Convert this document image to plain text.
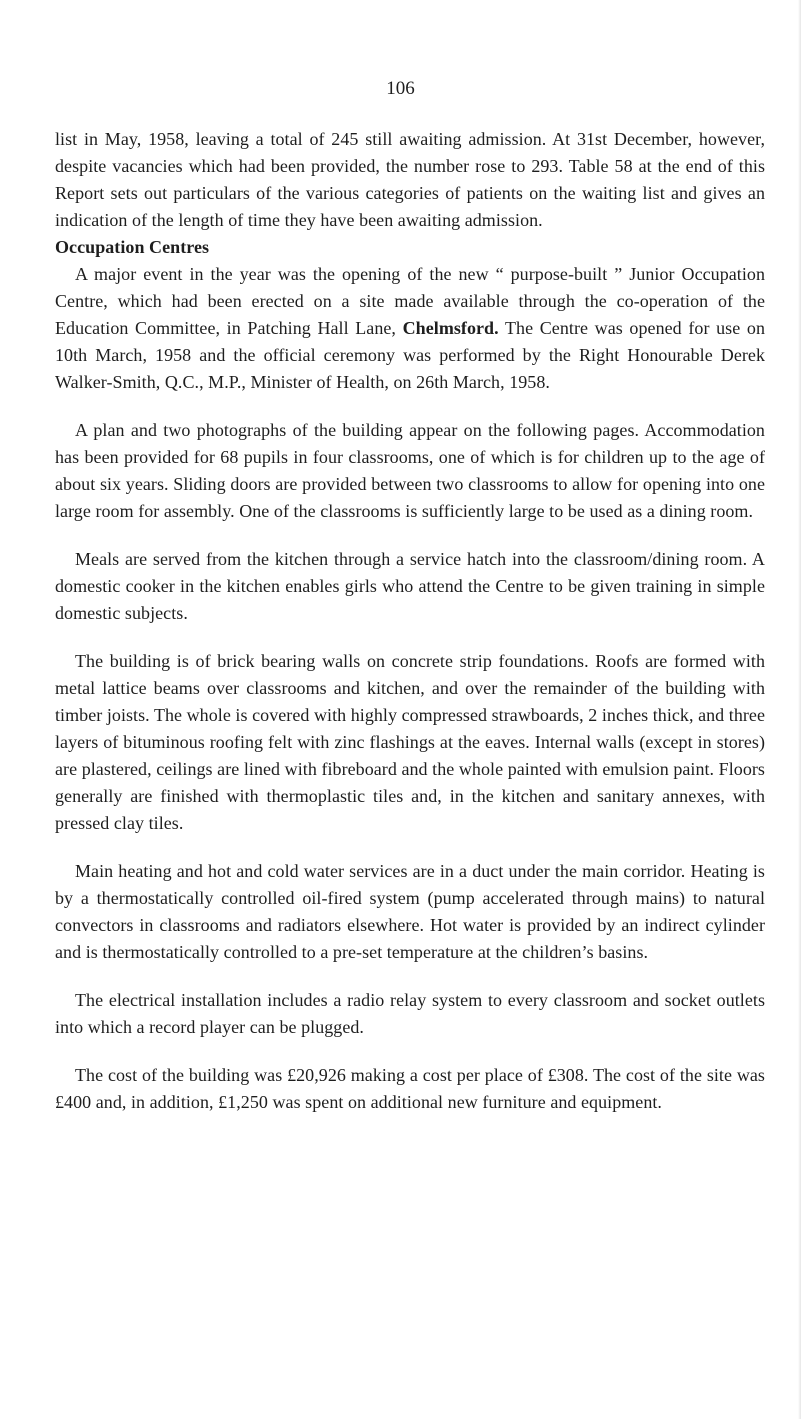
106

list in May, 1958, leaving a total of 245 still awaiting admission. At 31st December, however, despite vacancies which had been provided, the number rose to 293. Table 58 at the end of this Report sets out particulars of the various categories of patients on the waiting list and gives an indication of the length of time they have been awaiting admission.

Occupation Centres

A major event in the year was the opening of the new “ purpose-built ” Junior Occupation Centre, which had been erected on a site made available through the co-operation of the Education Committee, in Patching Hall Lane, Chelmsford. The Centre was opened for use on 10th March, 1958 and the official ceremony was performed by the Right Honourable Derek Walker-Smith, Q.C., M.P., Minister of Health, on 26th March, 1958.

A plan and two photographs of the building appear on the following pages. Accommodation has been provided for 68 pupils in four classrooms, one of which is for children up to the age of about six years. Sliding doors are provided between two classrooms to allow for opening into one large room for assembly. One of the classrooms is sufficiently large to be used as a dining room.

Meals are served from the kitchen through a service hatch into the classroom/dining room. A domestic cooker in the kitchen enables girls who attend the Centre to be given training in simple domestic subjects.

The building is of brick bearing walls on concrete strip foundations. Roofs are formed with metal lattice beams over classrooms and kitchen, and over the remainder of the building with timber joists. The whole is covered with highly compressed strawboards, 2 inches thick, and three layers of bituminous roofing felt with zinc flashings at the eaves. Internal walls (except in stores) are plastered, ceilings are lined with fibreboard and the whole painted with emulsion paint. Floors generally are finished with thermoplastic tiles and, in the kitchen and sanitary annexes, with pressed clay tiles.

Main heating and hot and cold water services are in a duct under the main corridor. Heating is by a thermostatically controlled oil-fired system (pump accelerated through mains) to natural convectors in classrooms and radiators elsewhere. Hot water is provided by an indirect cylinder and is thermostatically controlled to a pre-set temperature at the children’s basins.

The electrical installation includes a radio relay system to every classroom and socket outlets into which a record player can be plugged.

The cost of the building was £20,926 making a cost per place of £308. The cost of the site was £400 and, in addition, £1,250 was spent on additional new furniture and equipment.
